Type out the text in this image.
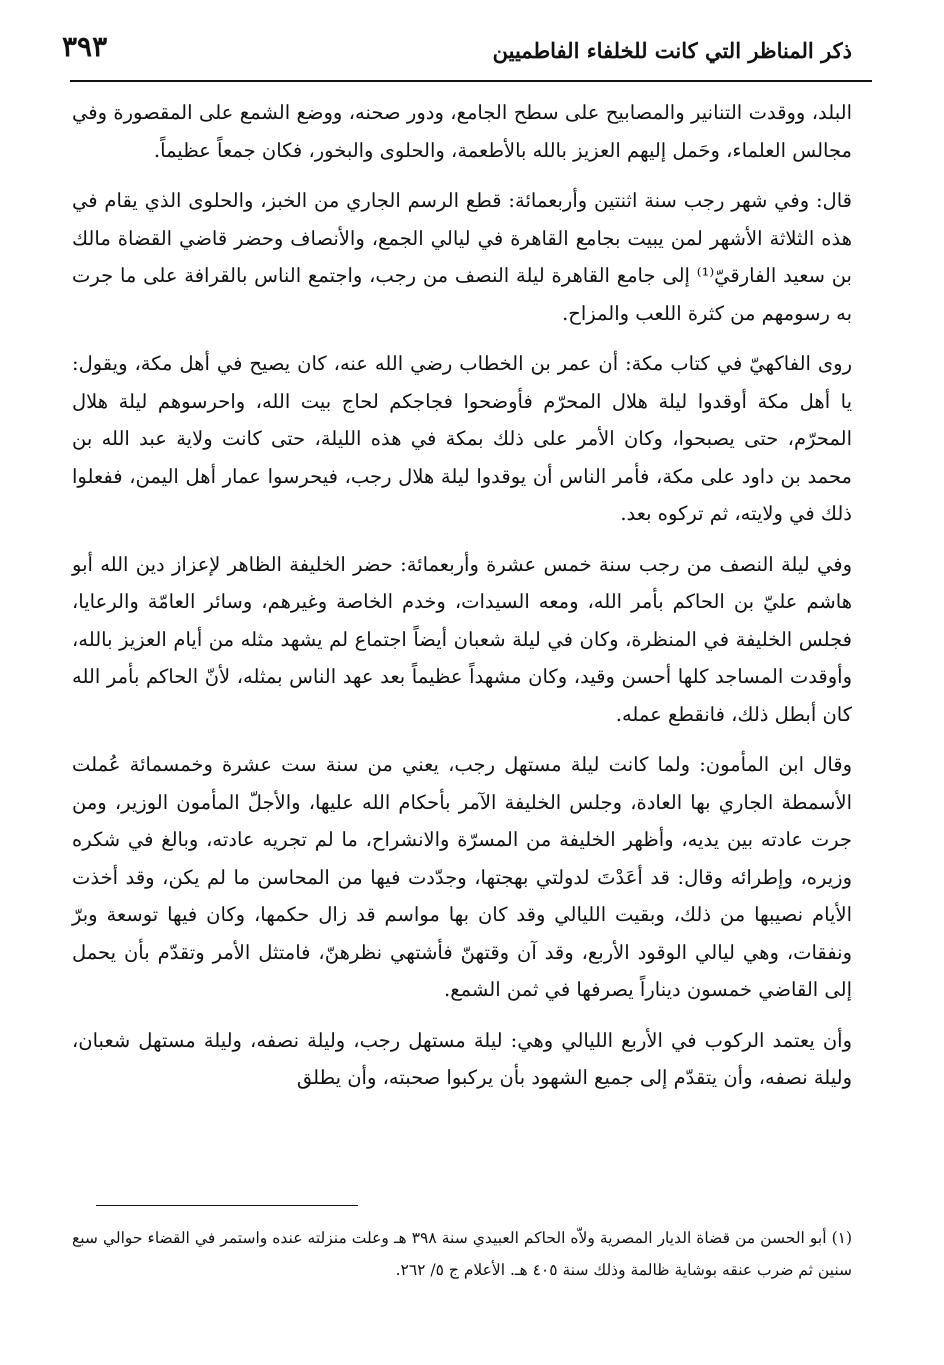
ذكر المناظر التي كانت للخلفاء الفاطميين
٣٩٣

البلد، ووقدت التنانير والمصابيح على سطح الجامع، ودور صحنه، ووضع الشمع على المقصورة وفي مجالس العلماء، وحَمل إليهم العزيز بالله بالأطعمة، والحلوى والبخور، فكان جمعاً عظيماً.

قال: وفي شهر رجب سنة اثنتين وأربعمائة: قطع الرسم الجاري من الخبز، والحلوى الذي يقام في هذه الثلاثة الأشهر لمن يبيت بجامع القاهرة في ليالي الجمع، والأنصاف وحضر قاضي القضاة مالك بن سعيد الفارقيّ⁽¹⁾ إلى جامع القاهرة ليلة النصف من رجب، واجتمع الناس بالقرافة على ما جرت به رسومهم من كثرة اللعب والمزاح.

روى الفاكهيّ في كتاب مكة: أن عمر بن الخطاب رضي الله عنه، كان يصيح في أهل مكة، ويقول: يا أهل مكة أوقدوا ليلة هلال المحرّم فأوضحوا فجاجكم لحاج بيت الله، واحرسوهم ليلة هلال المحرّم، حتى يصبحوا، وكان الأمر على ذلك بمكة في هذه الليلة، حتى كانت ولاية عبد الله بن محمد بن داود على مكة، فأمر الناس أن يوقدوا ليلة هلال رجب، فيحرسوا عمار أهل اليمن، ففعلوا ذلك في ولايته، ثم تركوه بعد.

وفي ليلة النصف من رجب سنة خمس عشرة وأربعمائة: حضر الخليفة الظاهر لإعزاز دين الله أبو هاشم عليّ بن الحاكم بأمر الله، ومعه السيدات، وخدم الخاصة وغيرهم، وسائر العامّة والرعايا، فجلس الخليفة في المنظرة، وكان في ليلة شعبان أيضاً اجتماع لم يشهد مثله من أيام العزيز بالله، وأوقدت المساجد كلها أحسن وقيد، وكان مشهداً عظيماً بعد عهد الناس بمثله، لأنّ الحاكم بأمر الله كان أبطل ذلك، فانقطع عمله.

وقال ابن المأمون: ولما كانت ليلة مستهل رجب، يعني من سنة ست عشرة وخمسمائة عُملت الأسمطة الجاري بها العادة، وجلس الخليفة الآمر بأحكام الله عليها، والأجلّ المأمون الوزير، ومن جرت عادته بين يديه، وأظهر الخليفة من المسرّة والانشراح، ما لم تجريه عادته، وبالغ في شكره وزيره، وإطرائه وقال: قد أعَدْتَ لدولتي بهجتها، وجدّدت فيها من المحاسن ما لم يكن، وقد أخذت الأيام نصيبها من ذلك، وبقيت الليالي وقد كان بها مواسم قد زال حكمها، وكان فيها توسعة وبرّ ونفقات، وهي ليالي الوقود الأربع، وقد آن وقتهنّ فأشتهي نظرهنّ، فامتثل الأمر وتقدّم بأن يحمل إلى القاضي خمسون ديناراً يصرفها في ثمن الشمع.

وأن يعتمد الركوب في الأربع الليالي وهي: ليلة مستهل رجب، وليلة نصفه، وليلة مستهل شعبان، وليلة نصفه، وأن يتقدّم إلى جميع الشهود بأن يركبوا صحبته، وأن يطلق

(١) أبو الحسن من قضاة الديار المصرية ولاّه الحاكم العبيدي سنة ٣٩٨ هـ وعلت منزلته عنده واستمر في القضاء حوالي سبع سنين ثم ضرب عنقه بوشاية ظالمة وذلك سنة ٤٠٥ هـ. الأعلام ج ٥/ ٢٦٢.
